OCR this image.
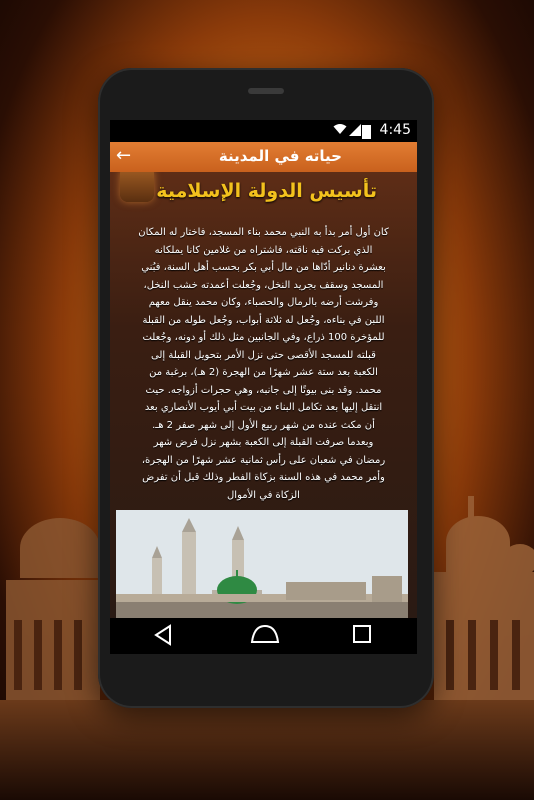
4:45
←	حياته في المدينة
تأسيس الدولة الإسلامية
كان أول أمر بدأ به النبي محمد بناء المسجد، فاختار له المكان
الذي بركت فيه ناقته، فاشتراه من غلامين كانا يملكانه
بعشرة دنانير أدّاها من مال أبي بكر بحسب أهل السنة، فبُني
المسجد وسقف بجريد النخل، وجُعلت أعمدته خشب النخل،
وفرشت أرضه بالرمال والحصباء، وكان محمد ينقل معهم
اللبن في بناءه، وجُعل له ثلاثة أبواب، وجُعل طوله من القبلة
للمؤخرة 100 ذراع، وفي الجانبين مثل ذلك أو دونه، وجُعلت
قبلته للمسجد الأقصى حتى نزل الأمر بتحويل القبلة إلى
الكعبة بعد ستة عشر شهرًا من الهجرة (2 هـ)، برغبة من
محمد. وقد بنى بيوتًا إلى جانبه، وهي حجرات أزواجه. حيث
انتقل إليها بعد تكامل البناء من بيت أبي أيوب الأنصاري بعد
أن مكث عنده من شهر ربيع الأول إلى شهر صفر 2 هـ.
وبعدما صرفت القبلة إلى الكعبة بشهر نزل فرض شهر
رمضان في شعبان على رأس ثمانية عشر شهرًا من الهجرة،
وأمر محمد في هذه السنة بزكاة الفطر وذلك قبل أن تفرض
الزكاة في الأموال
